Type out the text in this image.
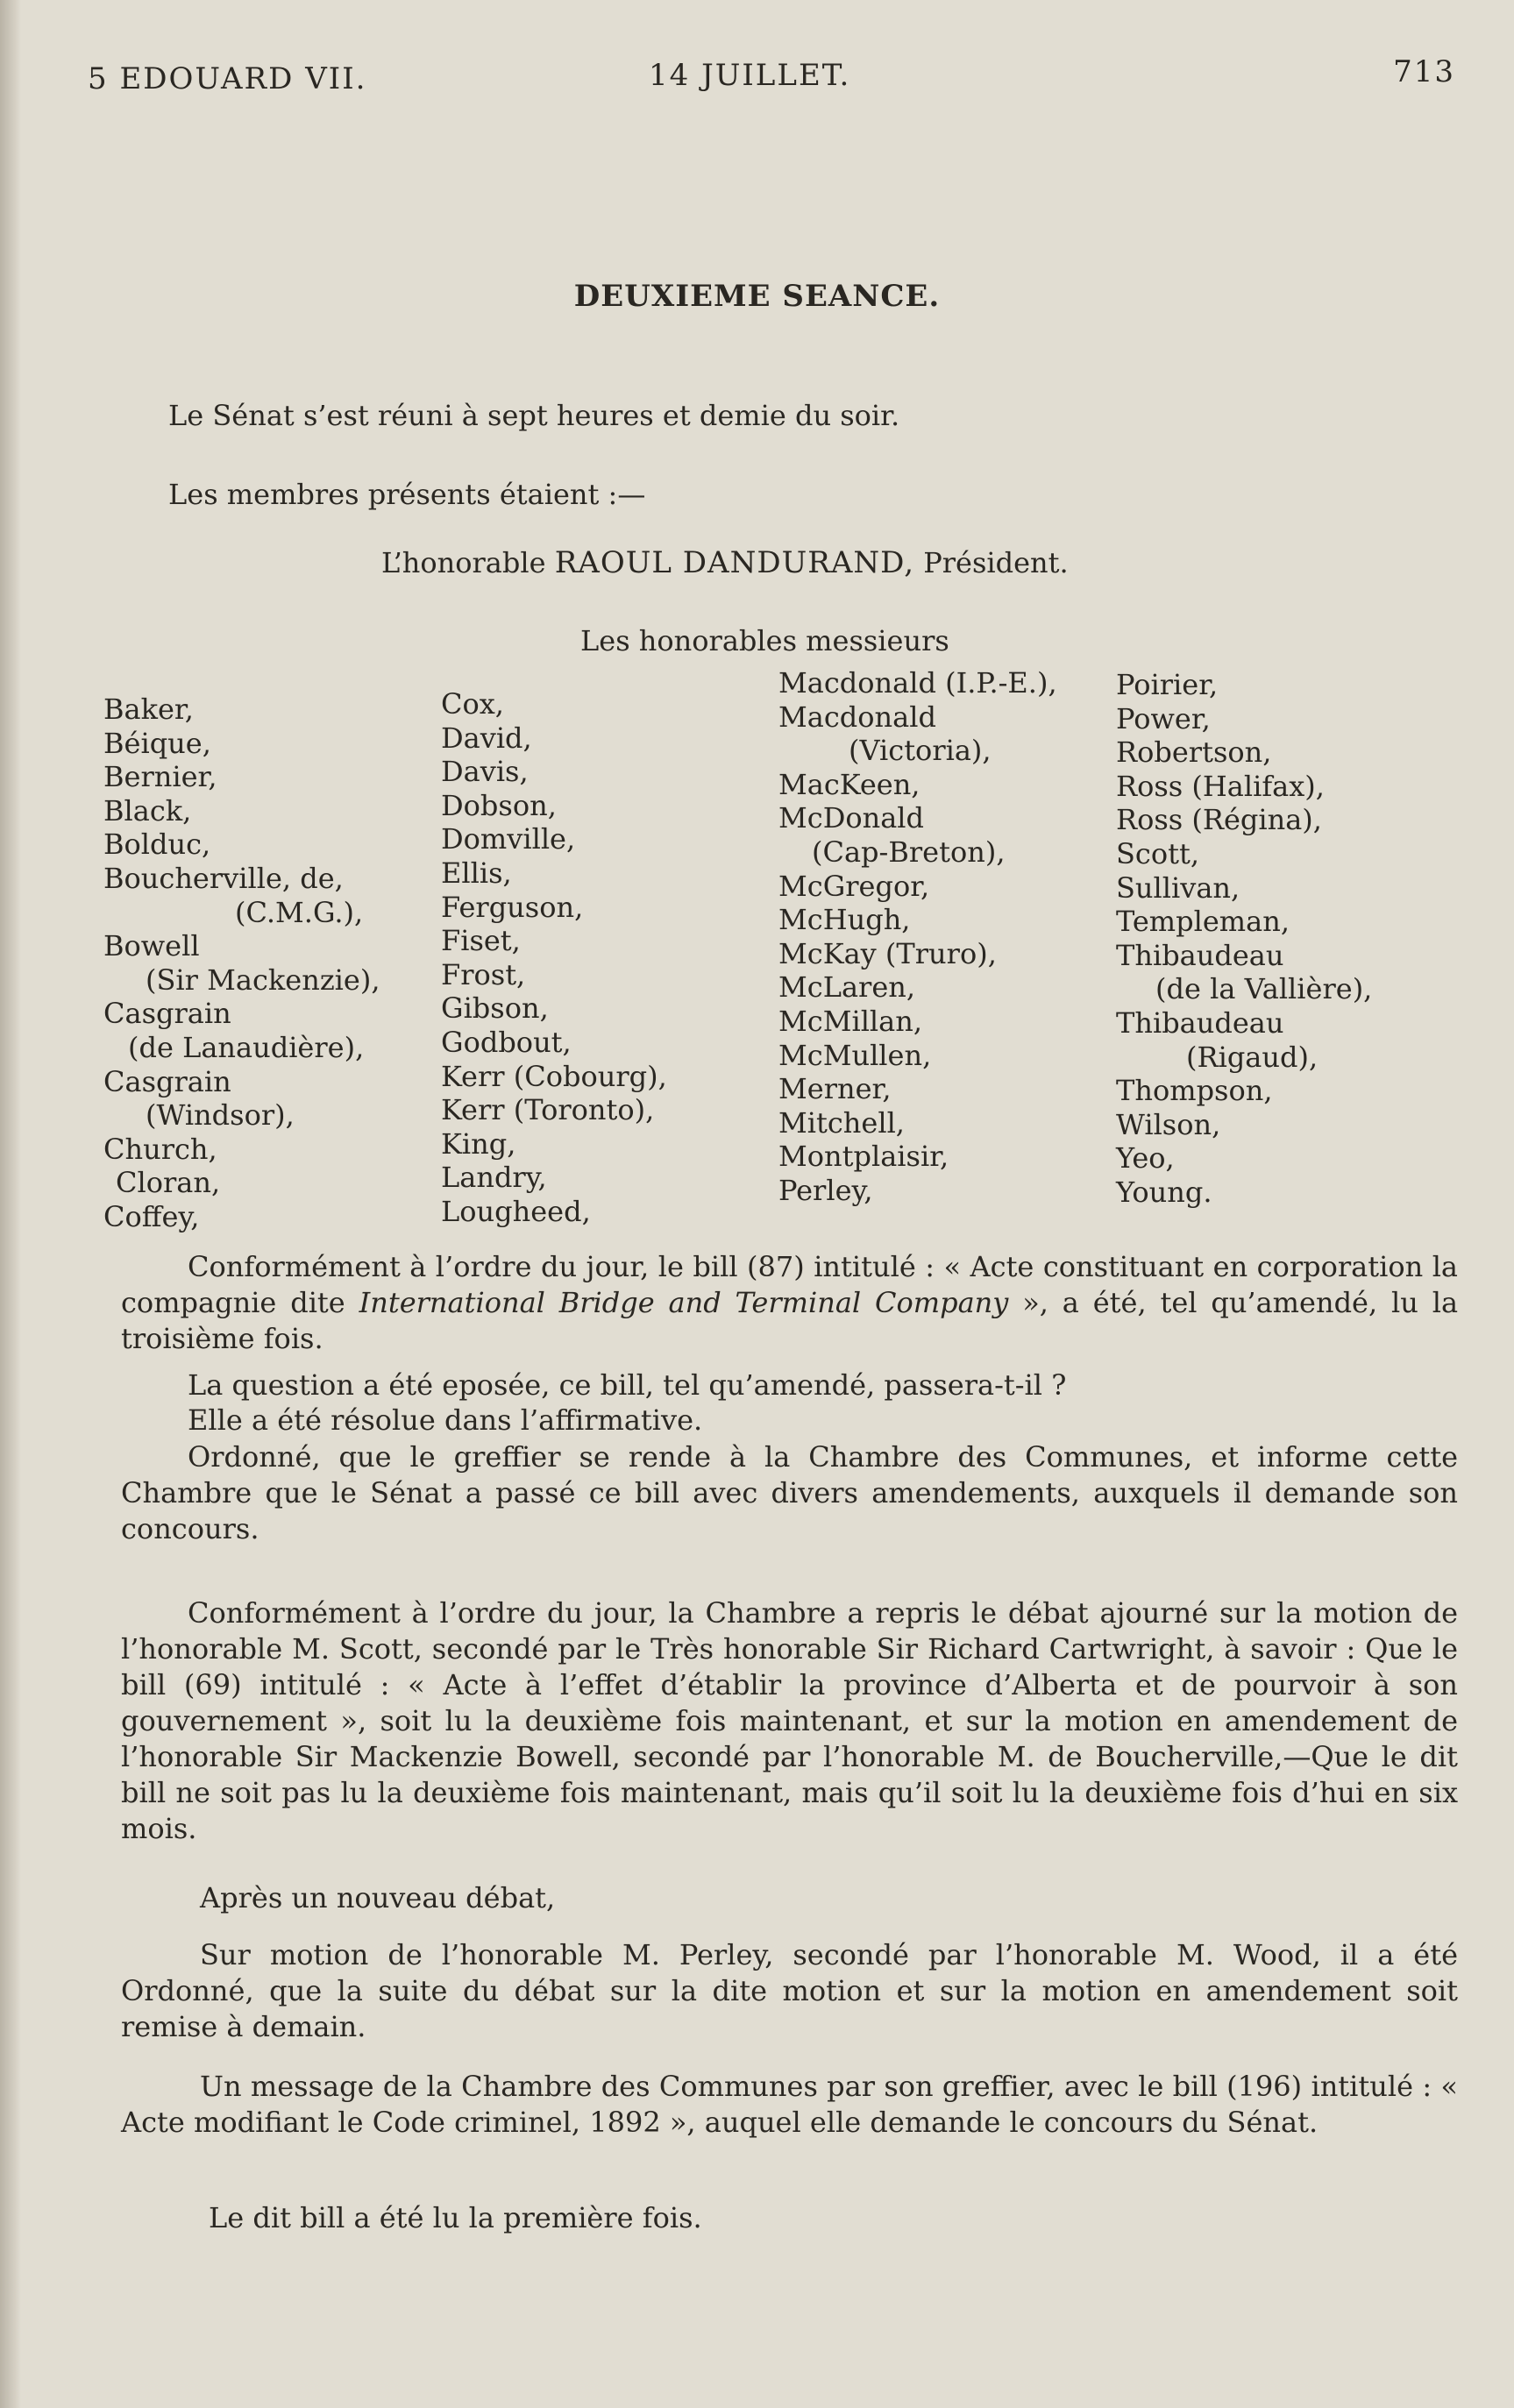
5 EDOUARD VII.	14 JUILLET.	713
DEUXIEME SEANCE.
Le Sénat s’est réuni à sept heures et demie du soir.
Les membres présents étaient :—
L’honorable RAOUL DANDURAND, Président.
Les honorables messieurs
Baker,
Béique,
Bernier,
Black,
Bolduc,
Boucherville, de,
(C.M.G.),
Bowell
(Sir Mackenzie),
Casgrain
(de Lanaudière),
Casgrain
(Windsor),
Church,
Cloran,
Coffey,
Cox,
David,
Davis,
Dobson,
Domville,
Ellis,
Ferguson,
Fiset,
Frost,
Gibson,
Godbout,
Kerr (Cobourg),
Kerr (Toronto),
King,
Landry,
Lougheed,
Macdonald (I.P.-E.),
Macdonald
(Victoria),
MacKeen,
McDonald
(Cap-Breton),
McGregor,
McHugh,
McKay (Truro),
McLaren,
McMillan,
McMullen,
Merner,
Mitchell,
Montplaisir,
Perley,
Poirier,
Power,
Robertson,
Ross (Halifax),
Ross (Régina),
Scott,
Sullivan,
Templeman,
Thibaudeau
(de la Vallière),
Thibaudeau
(Rigaud),
Thompson,
Wilson,
Yeo,
Young.

Conformément à l’ordre du jour, le bill (87) intitulé : « Acte constituant en corporation la compagnie dite International Bridge and Terminal Company », a été, tel qu’amendé, lu la troisième fois.

La question a été eposée, ce bill, tel qu’amendé, passera-t-il ?

Elle a été résolue dans l’affirmative.

Ordonné, que le greffier se rende à la Chambre des Communes, et informe cette Chambre que le Sénat a passé ce bill avec divers amendements, auxquels il demande son concours.

Conformément à l’ordre du jour, la Chambre a repris le débat ajourné sur la motion de l’honorable M. Scott, secondé par le Très honorable Sir Richard Cartwright, à savoir : Que le bill (69) intitulé : « Acte à l’effet d’établir la province d’Alberta et de pourvoir à son gouvernement », soit lu la deuxième fois maintenant, et sur la motion en amendement de l’honorable Sir Mackenzie Bowell, secondé par l’honorable M. de Boucherville,—Que le dit bill ne soit pas lu la deuxième fois maintenant, mais qu’il soit lu la deuxième fois d’hui en six mois.

Après un nouveau débat,

Sur motion de l’honorable M. Perley, secondé par l’honorable M. Wood, il a été Ordonné, que la suite du débat sur la dite motion et sur la motion en amendement soit remise à demain.

Un message de la Chambre des Communes par son greffier, avec le bill (196) intitulé : « Acte modifiant le Code criminel, 1892 », auquel elle demande le concours du Sénat.

Le dit bill a été lu la première fois.
